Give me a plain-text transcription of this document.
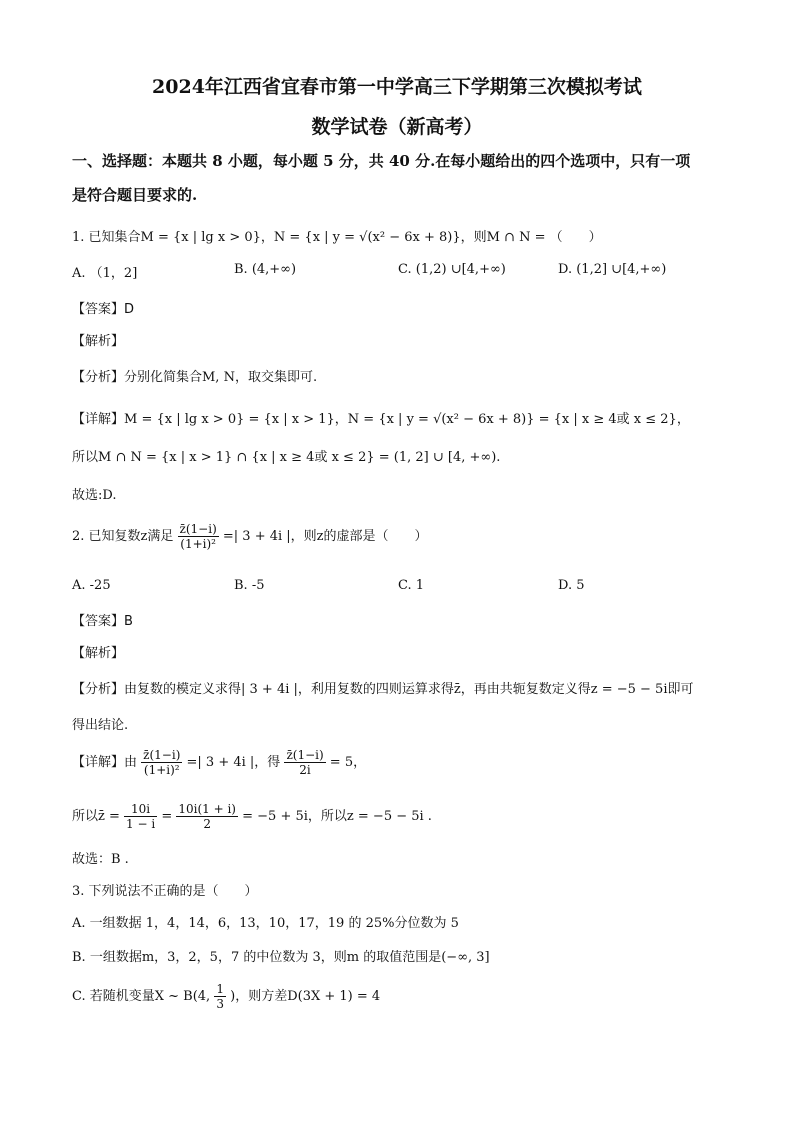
2024年江西省宜春市第一中学高三下学期第三次模拟考试
数学试卷（新高考）
一、选择题：本题共 8 小题，每小题 5 分，共 40 分.在每小题给出的四个选项中，只有一项
是符合题目要求的.
1. 已知集合M = {x | lg x > 0}，N = {x | y = √(x² − 6x + 8)}，则M ∩ N = （　　）
A. （1，2]	B. (4,+∞)	C. (1,2) ∪[4,+∞)	D. (1,2] ∪[4,+∞)
【答案】D
【解析】
【分析】分别化简集合M, N，取交集即可.
【详解】M = {x | lg x > 0} = {x | x > 1}，N = {x | y = √(x² − 6x + 8)} = {x | x ≥ 4或 x ≤ 2}，
所以M ∩ N = {x | x > 1} ∩ {x | x ≥ 4或 x ≤ 2} = (1, 2] ∪ [4, +∞).
故选:D.
2. 已知复数z满足 $\frac{z̄(1-i)}{\text{(1+i)²}}$ =| 3 + 4i |，则z的虚部是（　　）
A. -25	B. -5	C. 1	D. 5
【答案】B
【解析】
【分析】由复数的模定义求得| 3 + 4i |，利用复数的四则运算求得z̄，再由共轭复数定义得z = −5 − 5i即可
得出结论.
【详解】由 $\frac{z̄(1-i)}{\text{(1+i)²}}$ =| 3 + 4i |，得 $\frac{z̄(1-i)}{2i} = 5$，
所以z̄ = $\frac{10i}{1 - i} = \frac{10i(1 + i)}{2} = -5 + 5i$，所以z = −5 − 5i .
故选：B .
3. 下列说法不正确的是（　　）
A. 一组数据 1，4，14，6，13，10，17，19 的 25%分位数为 5
B. 一组数据m，3，2，5，7 的中位数为 3，则m 的取值范围是(−∞, 3]
C. 若随机变量X ~ B(4, $\frac{1}{3}$ )，则方差D(3X + 1) = 4
